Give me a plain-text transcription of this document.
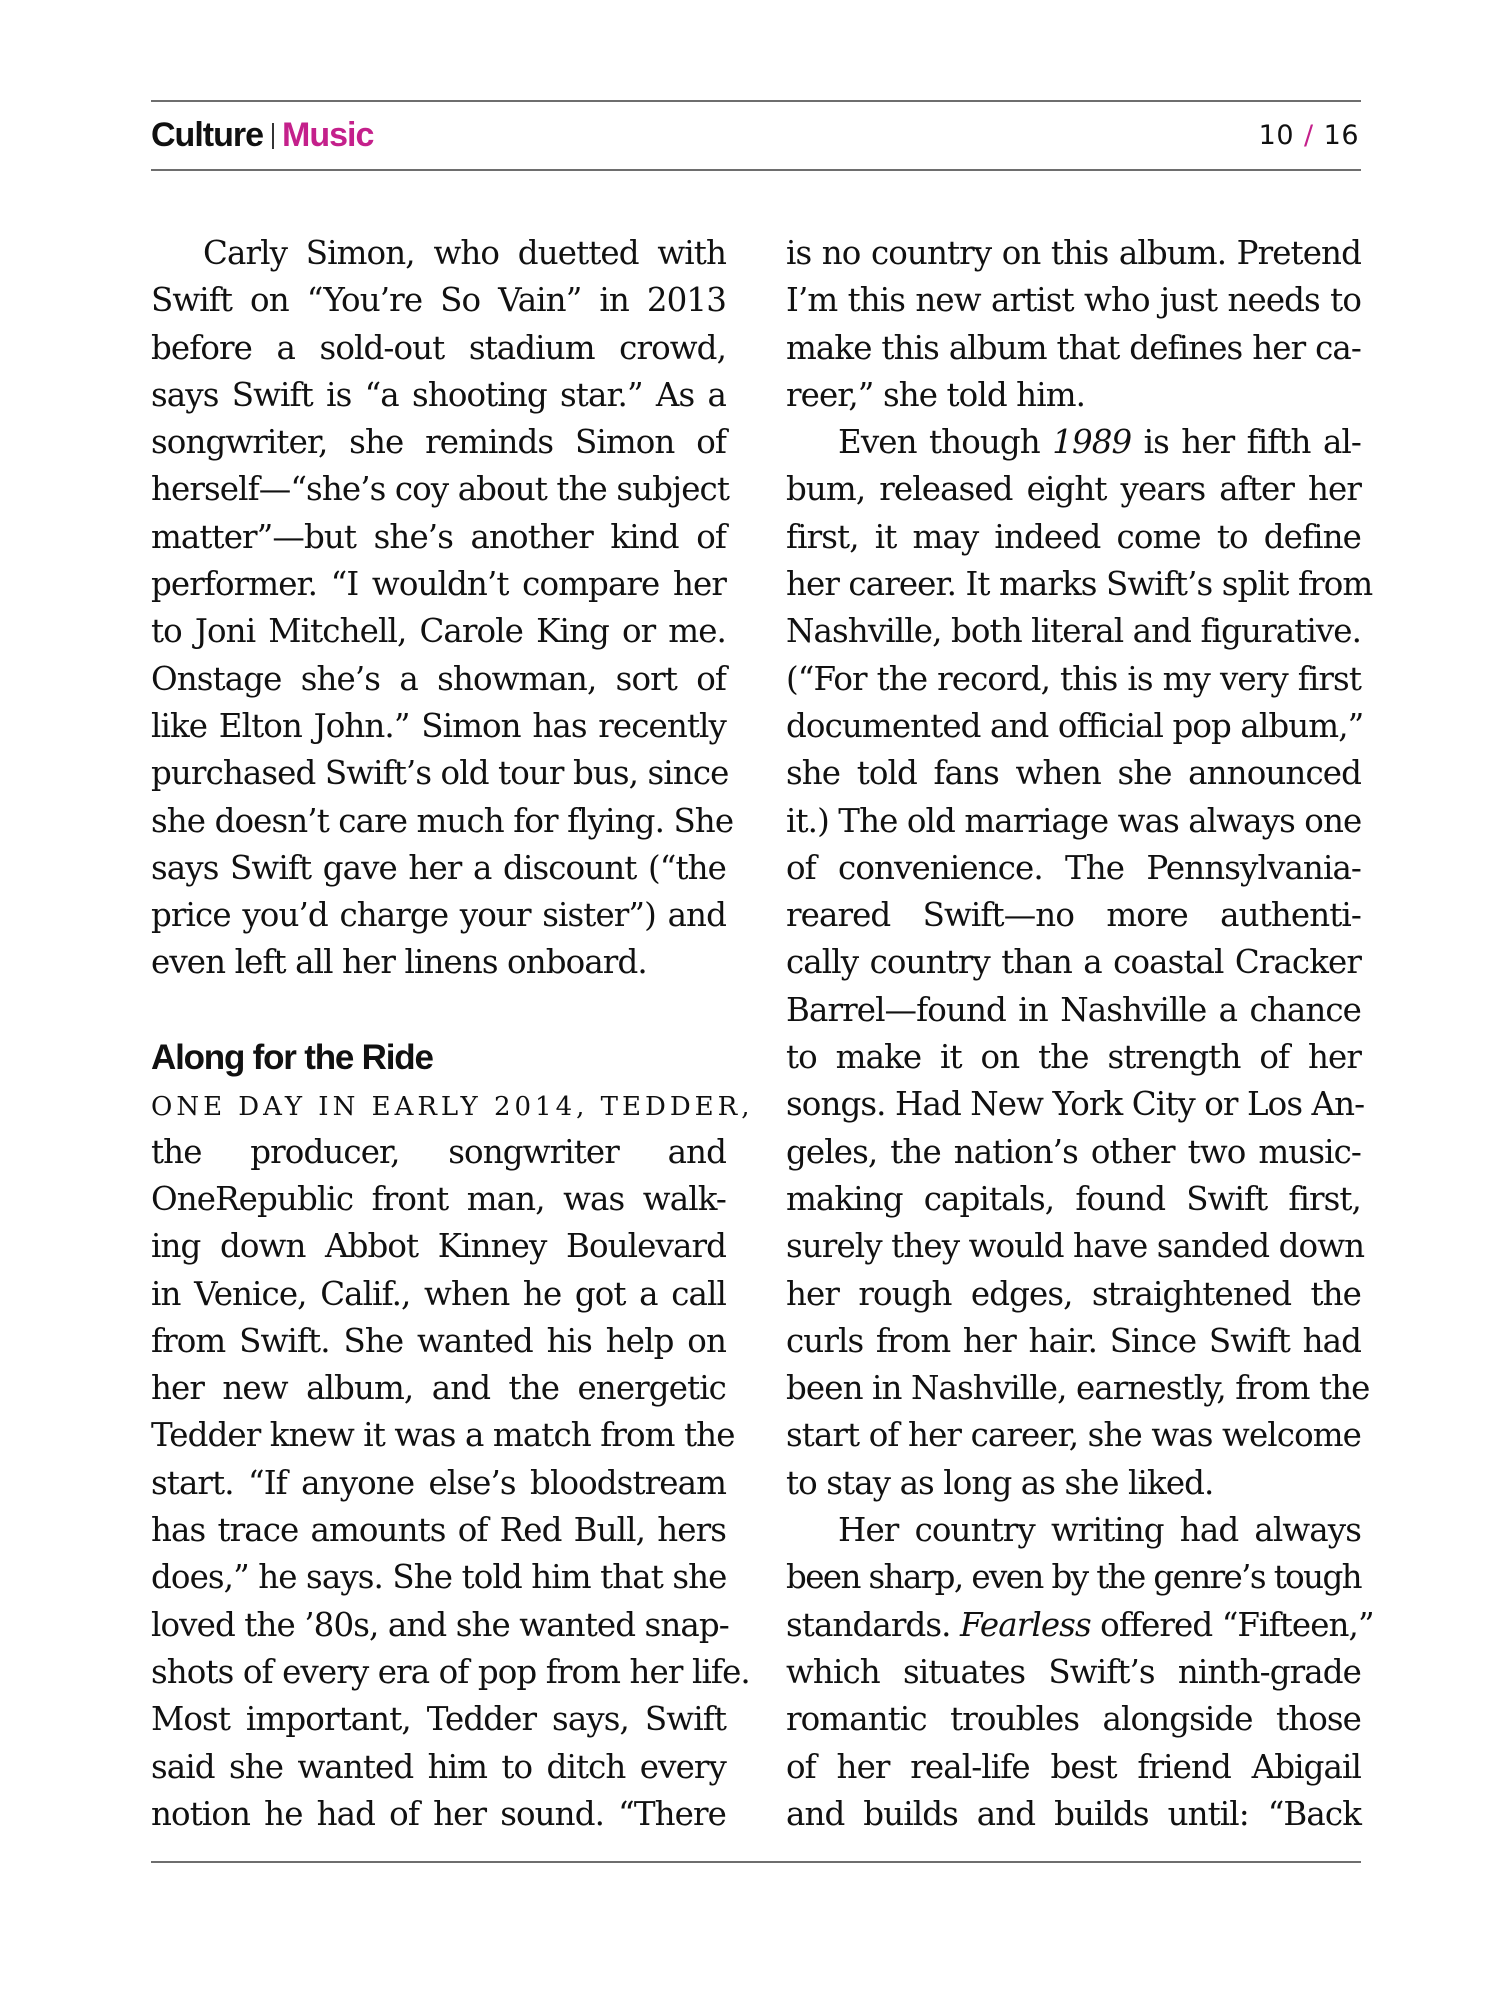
Culture Music	10 / 16
Carly Simon, who duetted with
Swift on “You’re So Vain” in 2013
before a sold-out stadium crowd,
says Swift is “a shooting star.” As a
songwriter, she reminds Simon of
herself—“she’s coy about the subject
matter”—but she’s another kind of
performer. “I wouldn’t compare her
to Joni Mitchell, Carole King or me.
Onstage she’s a showman, sort of
like Elton John.” Simon has recently
purchased Swift’s old tour bus, since
she doesn’t care much for flying. She
says Swift gave her a discount (“the
price you’d charge your sister”) and
even left all her linens onboard.
Along for the Ride
ONE DAY IN EARLY 2014, TEDDER,
the producer, songwriter and
OneRepublic front man, was walk-
ing down Abbot Kinney Boulevard
in Venice, Calif., when he got a call
from Swift. She wanted his help on
her new album, and the energetic
Tedder knew it was a match from the
start. “If anyone else’s bloodstream
has trace amounts of Red Bull, hers
does,” he says. She told him that she
loved the ’80s, and she wanted snap-
shots of every era of pop from her life.
Most important, Tedder says, Swift
said she wanted him to ditch every
notion he had of her sound. “There
is no country on this album. Pretend
I’m this new artist who just needs to
make this album that defines her ca-
reer,” she told him.
Even though 1989 is her fifth al-
bum, released eight years after her
first, it may indeed come to define
her career. It marks Swift’s split from
Nashville, both literal and figurative.
(“For the record, this is my very first
documented and official pop album,”
she told fans when she announced
it.) The old marriage was always one
of convenience. The Pennsylvania-
reared Swift—no more authenti-
cally country than a coastal Cracker
Barrel—found in Nashville a chance
to make it on the strength of her
songs. Had New York City or Los An-
geles, the nation’s other two music-
making capitals, found Swift first,
surely they would have sanded down
her rough edges, straightened the
curls from her hair. Since Swift had
been in Nashville, earnestly, from the
start of her career, she was welcome
to stay as long as she liked.
Her country writing had always
been sharp, even by the genre’s tough
standards. Fearless offered “Fifteen,”
which situates Swift’s ninth-grade
romantic troubles alongside those
of her real-life best friend Abigail
and builds and builds until: “Back
